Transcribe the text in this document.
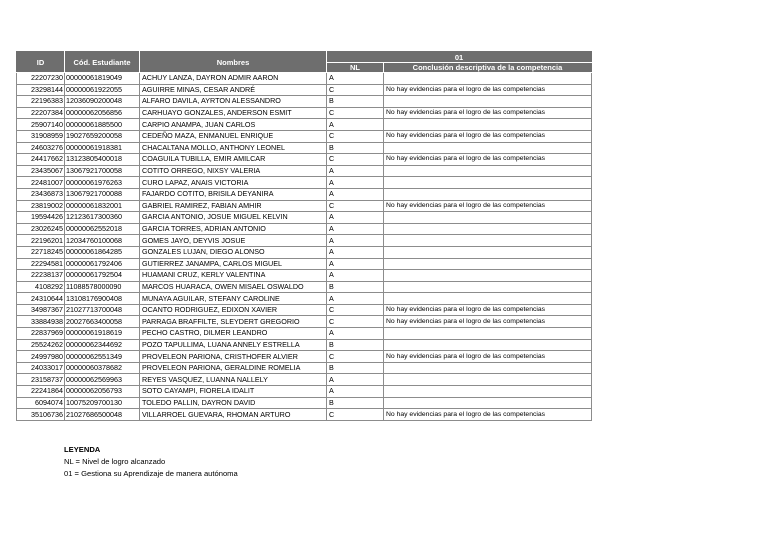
ID	Cód. Estudiante	Nombres	01	
			NL	Conclusión descriptiva de la competencia
22207230	00000061819049	ACHUY LANZA, DAYRON ADMIR AARON	A	
23298144	00000061922055	AGUIRRE MINAS, CESAR ANDRÉ	C	No hay evidencias para el logro de las competencias
22196383	12036090200048	ALFARO DAVILA, AYRTON ALESSANDRO	B	
22207384	00000062056856	CARHUAYO GONZALES, ANDERSON ESMIT	C	No hay evidencias para el logro de las competencias
25907140	00000061885500	CARPIO ANAMPA, JUAN CARLOS	A	
31908959	19027659200058	CEDEÑO MAZA, ENMANUEL ENRIQUE	C	No hay evidencias para el logro de las competencias
24603276	00000061918381	CHACALTANA MOLLO, ANTHONY LEONEL	B	
24417662	13123805400018	COAGUILA TUBILLA, EMIR AMILCAR	C	No hay evidencias para el logro de las competencias
23435067	13067921700058	COTITO ORREGO, NIXSY VALERIA	A	
22481007	00000061976263	CURO LAPAZ, ANAIS VICTORIA	A	
23436873	13067921700088	FAJARDO COTITO, BRISILA DEYANIRA	A	
23819002	00000061832001	GABRIEL RAMIREZ, FABIAN AMHIR	C	No hay evidencias para el logro de las competencias
19594426	12123617300360	GARCIA ANTONIO, JOSUE MIGUEL KELVIN	A	
23026245	00000062552018	GARCIA TORRES, ADRIAN ANTONIO	A	
22196201	12034760100068	GOMES JAYO, DEYVIS JOSUE	A	
22718245	00000061864285	GONZALES LUJAN, DIEGO ALONSO	A	
22294581	00000061792406	GUTIERREZ JANAMPA, CARLOS MIGUEL	A	
22238137	00000061792504	HUAMANI CRUZ, KERLY VALENTINA	A	
4108292	11088578000090	MARCOS HUARACA, OWEN MISAEL OSWALDO	B	
24310644	13108176900408	MUNAYA AGUILAR, STEFANY CAROLINE	A	
34987367	21027713700048	OCANTO RODRIGUEZ, EDIXON XAVIER	C	No hay evidencias para el logro de las competencias
33884938	20027663400058	PARRAGA BRAFFILTE, SLEYDERT GREGORIO	C	No hay evidencias para el logro de las competencias
22837969	00000061918619	PECHO CASTRO, DILMER LEANDRO	A	
25524262	00000062344692	POZO TAPULLIMA, LUANA ANNELY ESTRELLA	B	
24997980	00000062551349	PROVELEON PARIONA, CRISTHOFER ALVIER	C	No hay evidencias para el logro de las competencias
24033017	00000060378682	PROVELEON PARIONA, GERALDINE ROMELIA	B	
23158737	00000062569963	REYES VASQUEZ, LUANNA NALLELY	A	
22241864	00000062056793	SOTO CAYAMPI, FIORELA IDALIT	A	
6094074	10075209700130	TOLEDO PALLIN, DAYRON DAVID	B	
35106736	21027686500048	VILLARROEL GUEVARA, RHOMAN ARTURO	C	No hay evidencias para el logro de las competencias
LEYENDA
NL = Nivel de logro alcanzado
01 = Gestiona su Aprendizaje de manera autónoma
